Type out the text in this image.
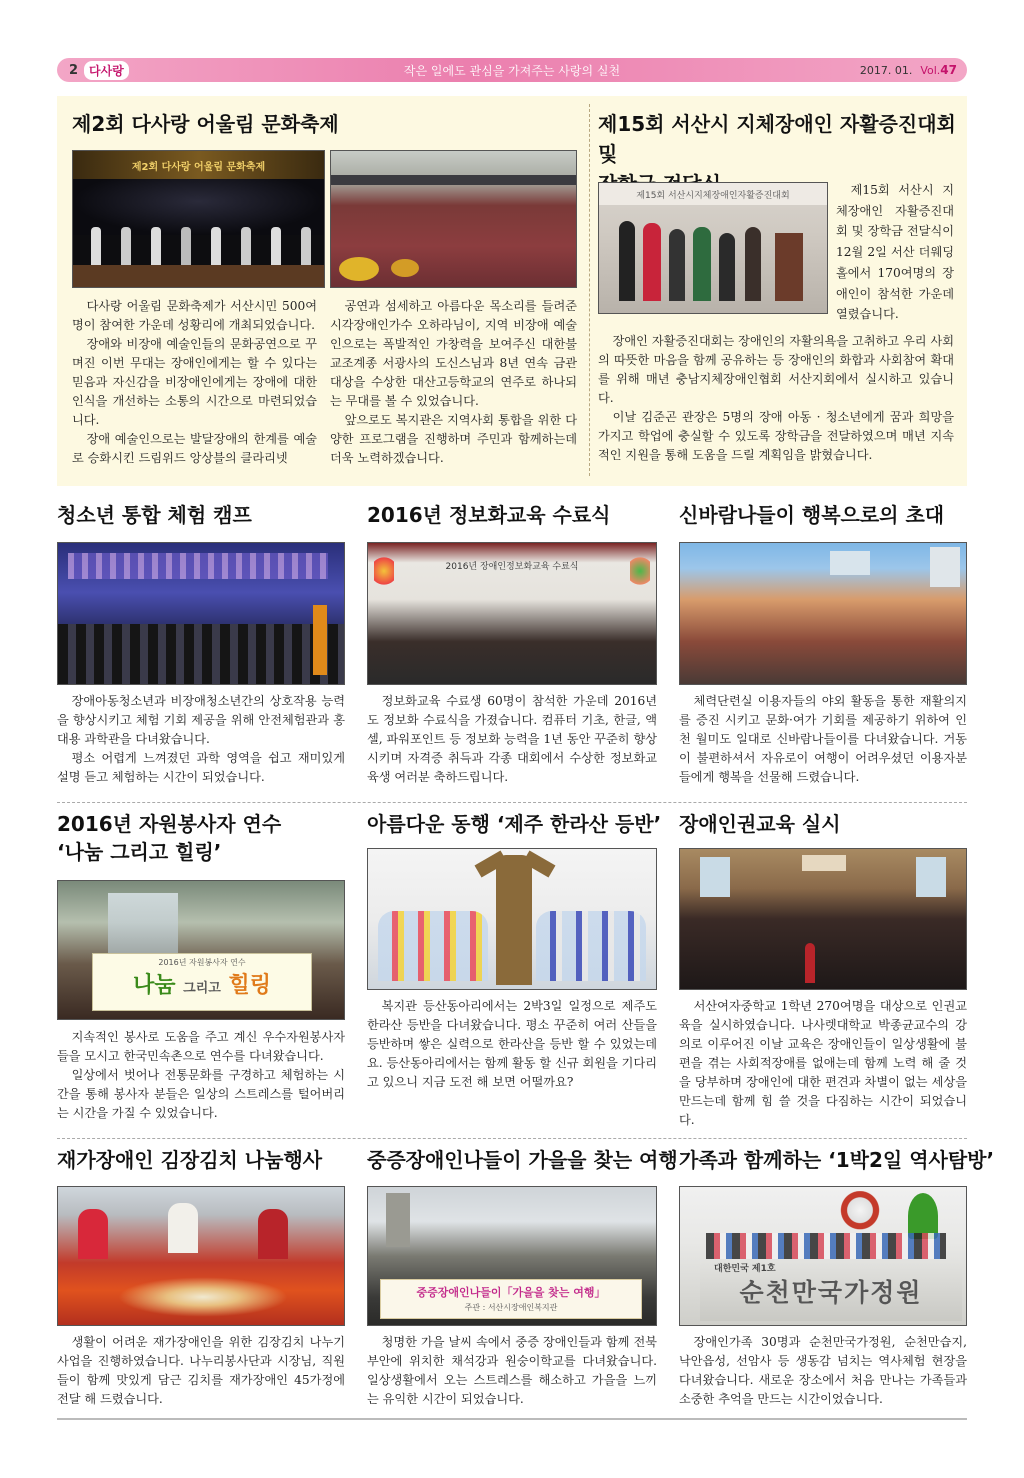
2 다사랑	작은 일에도 관심을 가져주는 사랑의 실천	2017. 01. Vol.47
제2회 다사랑 어울림 문화축제
제2회 다사랑 어울림 문화축제

다사랑 어울림 문화축제가 서산시민 500여명이 참여한 가운데 성황리에 개최되었습니다.

장애와 비장애 예술인들의 문화공연으로 꾸며진 이번 무대는 장애인에게는 할 수 있다는 믿음과 자신감을 비장애인에게는 장애에 대한 인식을 개선하는 소통의 시간으로 마련되었습니다.

장애 예술인으로는 발달장애의 한계를 예술로 승화시킨 드림위드 앙상블의 클라리넷

공연과 섬세하고 아름다운 목소리를 들려준 시각장애인가수 오하라님이, 지역 비장애 예술인으로는 폭발적인 가창력을 보여주신 대한불교조계종 서광사의 도신스님과 8년 연속 금관대상을 수상한 대산고등학교의 연주로 하나되는 무대를 볼 수 있었습니다.

앞으로도 복지관은 지역사회 통합을 위한 다양한 프로그램을 진행하며 주민과 함께하는데 더욱 노력하겠습니다.

제15회 서산시 지체장애인 자활증진대회 및
제15회 서산시지체장애인자활증진대회	제15회 서산시 지체장애인 자활증진대회 및 장학금 전달식이 12월 2일 서산 더웨딩홀에서 170여명의 장애인이 참석한 가운데 열렸습니다.

장애인 자활증진대회는 장애인의 자활의욕을 고취하고 우리 사회의 따뜻한 마음을 함께 공유하는 등 장애인의 화합과 사회참여 확대를 위해 매년 충남지체장애인협회 서산지회에서 실시하고 있습니다.

이날 김준곤 관장은 5명의 장애 아동 · 청소년에게 꿈과 희망을 가지고 학업에 충실할 수 있도록 장학금을 전달하였으며 매년 지속적인 지원을 통해 도움을 드릴 계획임을 밝혔습니다.

청소년 통합 체험 캠프	2016년 정보화교육 수료식	신바람나들이 행복으로의 초대
2016년 장애인정보화교육 수료식

장애아동청소년과 비장애청소년간의 상호작용 능력을 향상시키고 체험 기회 제공을 위해 안전체험관과 홍대용 과학관을 다녀왔습니다.

평소 어렵게 느껴졌던 과학 영역을 쉽고 재미있게 설명 듣고 체험하는 시간이 되었습니다.

정보화교육 수료생 60명이 참석한 가운데 2016년도 정보화 수료식을 가졌습니다. 컴퓨터 기초, 한글, 액셀, 파워포인트 등 정보화 능력을 1년 동안 꾸준히 향상 시키며 자격증 취득과 각종 대회에서 수상한 정보화교육생 여러분 축하드립니다.

체력단련실 이용자들의 야외 활동을 통한 재활의지를 증진 시키고 문화·여가 기회를 제공하기 위하여 인천 월미도 일대로 신바람나들이를 다녀왔습니다. 거동이 불편하셔서 자유로이 여행이 어려우셨던 이용자분들에게 행복을 선물해 드렸습니다.

2016년 자원봉사자 연수
‘나눔 그리고 힐링’
아름다운 동행 ‘제주 한라산 등반’ 장애인권교육 실시
2016년 자원봉사자 연수
나눔 그리고 힐링

지속적인 봉사로 도움을 주고 계신 우수자원봉사자들을 모시고 한국민속촌으로 연수를 다녀왔습니다.

일상에서 벗어나 전통문화를 구경하고 체험하는 시간을 통해 봉사자 분들은 일상의 스트레스를 털어버리는 시간을 가질 수 있었습니다.

복지관 등산동아리에서는 2박3일 일정으로 제주도 한라산 등반을 다녀왔습니다. 평소 꾸준히 여러 산들을 등반하며 쌓은 실력으로 한라산을 등반 할 수 있었는데요. 등산동아리에서는 함께 활동 할 신규 회원을 기다리고 있으니 지금 도전 해 보면 어떨까요?

서산여자중학교 1학년 270여명을 대상으로 인권교육을 실시하였습니다. 나사렛대학교 박종균교수의 강의로 이루어진 이날 교육은 장애인들이 일상생활에 불편을 겪는 사회적장애를 없애는데 함께 노력 해 줄 것을 당부하며 장애인에 대한 편견과 차별이 없는 세상을 만드는데 함께 힘 쓸 것을 다짐하는 시간이 되었습니다.

재가장애인 김장김치 나눔행사 중증장애인나들이 가을을 찾는 여행 가족과 함께하는 ‘1박2일 역사탐방’
중증장애인나들이「가을을 찾는 여행」
주관 : 서산시장애인복지관
대한민국 제1호
순천만국가정원

생활이 어려운 재가장애인을 위한 김장김치 나누기 사업을 진행하였습니다. 나누리봉사단과 시장님, 직원들이 함께 맛있게 담근 김치를 재가장애인 45가정에 전달 해 드렸습니다.

청명한 가을 날씨 속에서 중증 장애인들과 함께 전북 부안에 위치한 채석강과 원숭이학교를 다녀왔습니다. 일상생활에서 오는 스트레스를 해소하고 가을을 느끼는 유익한 시간이 되었습니다.

장애인가족 30명과 순천만국가정원, 순천만습지, 낙안읍성, 선암사 등 생동감 넘치는 역사체험 현장을 다녀왔습니다. 새로운 장소에서 처음 만나는 가족들과 소중한 추억을 만드는 시간이었습니다.
